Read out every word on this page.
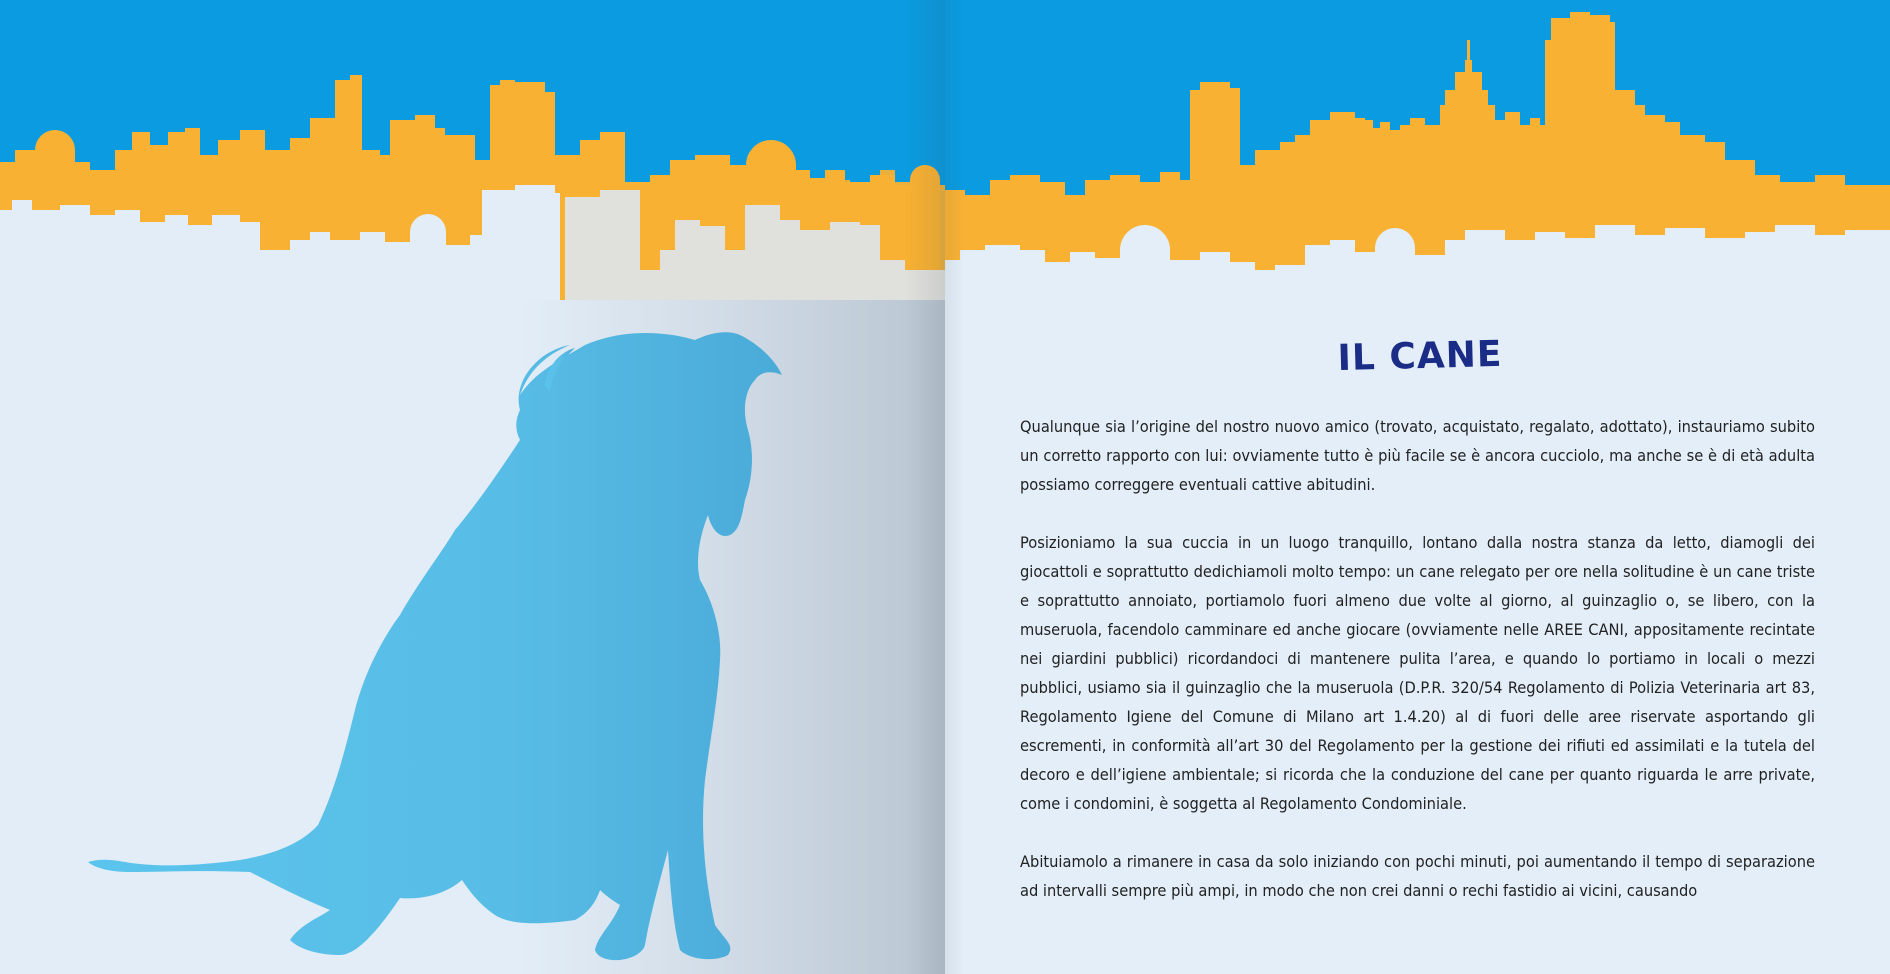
IL CANE

Qualunque sia l’origine del nostro nuovo amico (trovato, acquistato, regalato, adottato), instauriamo subito un corretto rapporto con lui: ovviamente tutto è più facile se è ancora cucciolo, ma anche se è di età adulta possiamo correggere eventuali cattive abitudini.

Posizioniamo la sua cuccia in un luogo tranquillo, lontano dalla nostra stanza da letto, diamogli dei giocattoli e soprattutto dedichiamoli molto tempo: un cane relegato per ore nella solitudine è un cane triste e soprattutto annoiato, portiamolo fuori almeno due volte al giorno, al guinzaglio o, se libero, con la museruola, facendolo camminare ed anche giocare (ovviamente nelle AREE CANI, appositamente recintate nei giardini pubblici) ricordandoci di mantenere pulita l’area, e quando lo portiamo in locali o mezzi pubblici, usiamo sia il guinzaglio che la museruola (D.P.R. 320/54 Regolamento di Polizia Veterinaria art 83, Regolamento Igiene del Comune di Milano art 1.4.20) al di fuori delle aree riservate asportando gli escrementi, in conformità all’art 30 del Regolamento per la gestione dei rifiuti ed assimilati e la tutela del decoro e dell’igiene ambientale; si ricorda che la conduzione del cane per quanto riguarda le arre private, come i condomini, è soggetta al Regolamento Condominiale.

Abituiamolo a rimanere in casa da solo iniziando con pochi minuti, poi aumentando il tempo di separazione ad intervalli sempre più ampi, in modo che non crei danni o rechi fastidio ai vicini, causando
